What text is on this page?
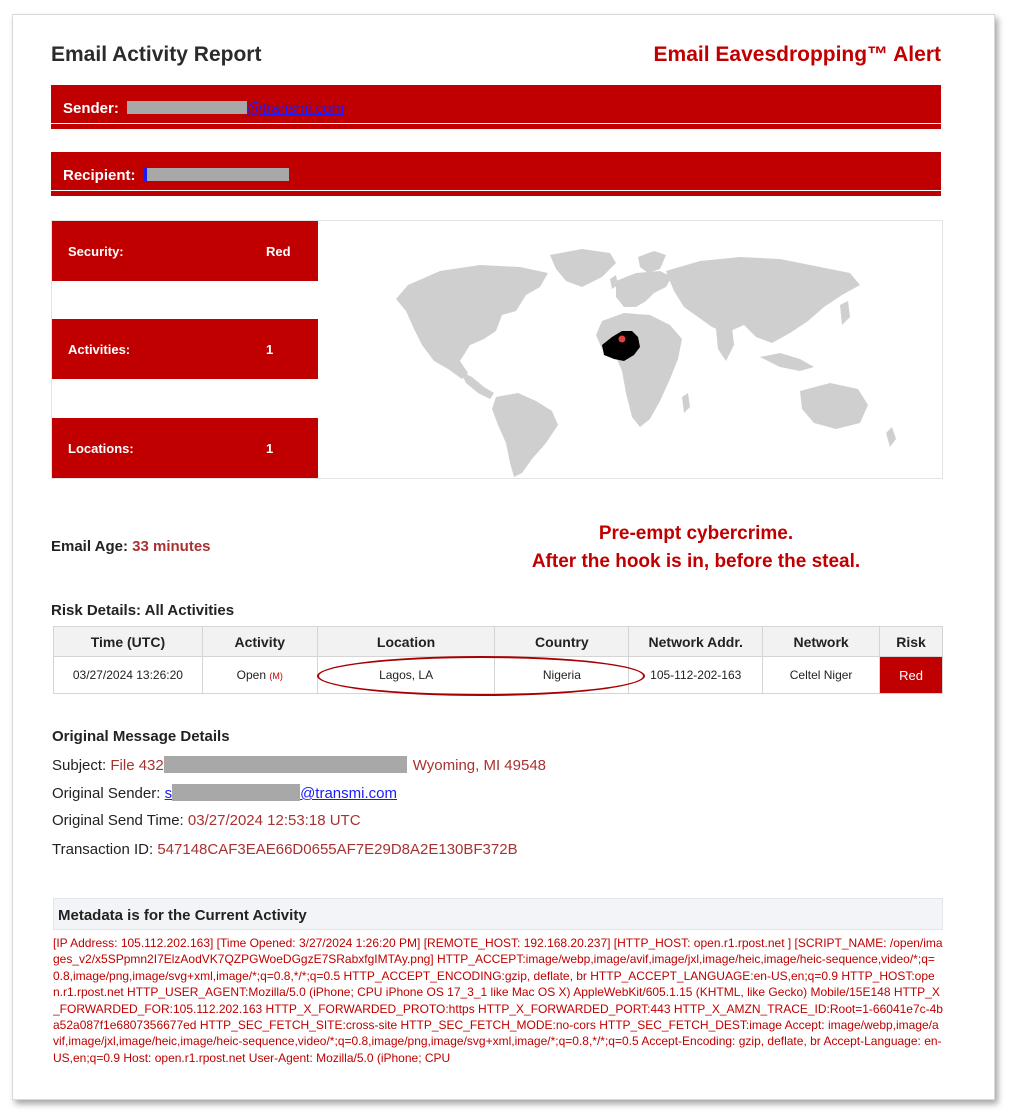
Email Activity Report	Email Eavesdropping™ Alert
Sender:	@transmi.com
Recipient:
Security:	Red
Activities:	1
Locations:	1
Email Age: 33 minutes
Pre-empt cybercrime.
After the hook is in, before the steal.
Risk Details: All Activities
Time (UTC)	Activity	Location	Country	Network Addr.	Network	Risk
03/27/2024 13:26:20	Open (M)	Lagos, LA	Nigeria	105-112-202-163	Celtel Niger	Red
Original Message Details
Subject: File 432	Wyoming, MI 49548
Original Sender: s	@transmi.com
Original Send Time: 03/27/2024 12:53:18 UTC
Transaction ID: 547148CAF3EAE66D0655AF7E29D8A2E130BF372B
Metadata is for the Current Activity
[IP Address: 105.112.202.163] [Time Opened: 3/27/2024 1:26:20 PM] [REMOTE_HOST: 192.168.20.237] [HTTP_HOST: open.r1.rpost.net ] [SCRIPT_NAME: /open/images_v2/x5SPpmn2I7ElzAodVK7QZPGWoeDGgzE7SRabxfgIMTAy.png] HTTP_ACCEPT:image/webp,image/avif,image/jxl,image/heic,image/heic-sequence,video/*;q=0.8,image/png,image/svg+xml,image/*;q=0.8,*/*;q=0.5 HTTP_ACCEPT_ENCODING:gzip, deflate, br HTTP_ACCEPT_LANGUAGE:en-US,en;q=0.9 HTTP_HOST:open.r1.rpost.net HTTP_USER_AGENT:Mozilla/5.0 (iPhone; CPU iPhone OS 17_3_1 like Mac OS X) AppleWebKit/605.1.15 (KHTML, like Gecko) Mobile/15E148 HTTP_X_FORWARDED_FOR:105.112.202.163 HTTP_X_FORWARDED_PROTO:https HTTP_X_FORWARDED_PORT:443 HTTP_X_AMZN_TRACE_ID:Root=1-66041e7c-4ba52a087f1e6807356677ed HTTP_SEC_FETCH_SITE:cross-site HTTP_SEC_FETCH_MODE:no-cors HTTP_SEC_FETCH_DEST:image Accept: image/webp,image/avif,image/jxl,image/heic,image/heic-sequence,video/*;q=0.8,image/png,image/svg+xml,image/*;q=0.8,*/*;q=0.5 Accept-Encoding: gzip, deflate, br Accept-Language: en-US,en;q=0.9 Host: open.r1.rpost.net User-Agent: Mozilla/5.0 (iPhone; CPU
